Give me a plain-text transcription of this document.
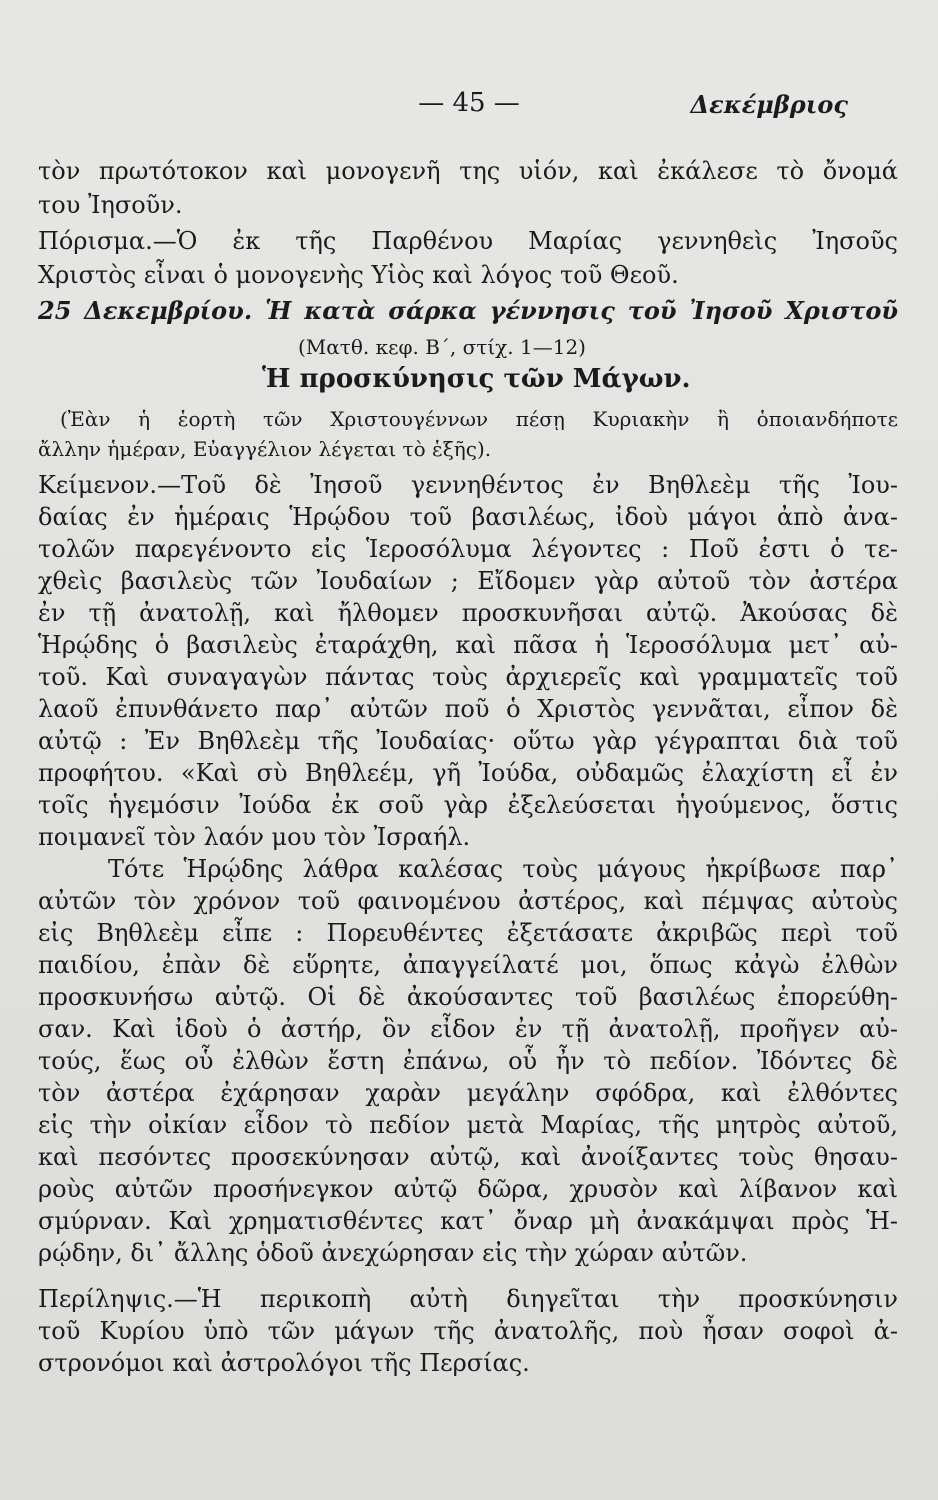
— 45 —	Δεκέμβριος
τὸν πρωτότοκον καὶ μονογενῆ της υἱόν, καὶ ἐκάλεσε τὸ ὄνομά
του Ἰησοῦν.
Πόρισμα.—Ὁ ἐκ τῆς Παρθένου Μαρίας γεννηθεὶς Ἰησοῦς
Χριστὸς εἶναι ὁ μονογενὴς Υἱὸς καὶ λόγος τοῦ Θεοῦ.
25 Δεκεμβρίου. Ἡ κατὰ σάρκα γέννησις τοῦ Ἰησοῦ Χριστοῦ
(Ματθ. κεφ. Β΄, στίχ. 1—12)
Ἡ προσκύνησις τῶν Μάγων.
(Ἐὰν ἡ ἑορτὴ τῶν Χριστουγέννων πέσῃ Κυριακὴν ἢ ὁποιανδήποτε
ἄλλην ἡμέραν, Εὐαγγέλιον λέγεται τὸ ἑξῆς).
Κείμενον.—Τοῦ δὲ Ἰησοῦ γεννηθέντος ἐν Βηθλεὲμ τῆς Ἰου-
δαίας ἐν ἡμέραις Ἡρῴδου τοῦ βασιλέως, ἰδοὺ μάγοι ἀπὸ ἀνα-
τολῶν παρεγένοντο εἰς Ἱεροσόλυμα λέγοντες : Ποῦ ἐστι ὁ τε-
χθεὶς βασιλεὺς τῶν Ἰουδαίων ; Εἴδομεν γὰρ αὐτοῦ τὸν ἀστέρα
ἐν τῇ ἀνατολῇ, καὶ ἤλθομεν προσκυνῆσαι αὐτῷ. Ἀκούσας δὲ
Ἡρῴδης ὁ βασιλεὺς ἐταράχθη, καὶ πᾶσα ἡ Ἱεροσόλυμα μετ᾽ αὐ-
τοῦ. Καὶ συναγαγὼν πάντας τοὺς ἀρχιερεῖς καὶ γραμματεῖς τοῦ
λαοῦ ἐπυνθάνετο παρ᾽ αὐτῶν ποῦ ὁ Χριστὸς γεννᾶται, εἶπον δὲ
αὐτῷ : Ἐν Βηθλεὲμ τῆς Ἰουδαίας· οὕτω γὰρ γέγραπται διὰ τοῦ
προφήτου. «Καὶ σὺ Βηθλεέμ, γῆ Ἰούδα, οὐδαμῶς ἐλαχίστη εἶ ἐν
τοῖς ἡγεμόσιν Ἰούδα ἐκ σοῦ γὰρ ἐξελεύσεται ἡγούμενος, ὅστις
ποιμανεῖ τὸν λαόν μου τὸν Ἰσραήλ.
Τότε Ἡρῴδης λάθρα καλέσας τοὺς μάγους ἠκρίβωσε παρ᾽
αὐτῶν τὸν χρόνον τοῦ φαινομένου ἀστέρος, καὶ πέμψας αὐτοὺς
εἰς Βηθλεὲμ εἶπε : Πορευθέντες ἐξετάσατε ἀκριβῶς περὶ τοῦ
παιδίου, ἐπὰν δὲ εὕρητε, ἀπαγγείλατέ μοι, ὅπως κἀγὼ ἐλθὼν
προσκυνήσω αὐτῷ. Οἱ δὲ ἀκούσαντες τοῦ βασιλέως ἐπορεύθη-
σαν. Καὶ ἰδοὺ ὁ ἀστήρ, ὃν εἶδον ἐν τῇ ἀνατολῇ, προῆγεν αὐ-
τούς, ἕως οὗ ἐλθὼν ἔστη ἐπάνω, οὗ ἦν τὸ πεδίον. Ἰδόντες δὲ
τὸν ἀστέρα ἐχάρησαν χαρὰν μεγάλην σφόδρα, καὶ ἐλθόντες
εἰς τὴν οἰκίαν εἶδον τὸ πεδίον μετὰ Μαρίας, τῆς μητρὸς αὐτοῦ,
καὶ πεσόντες προσεκύνησαν αὐτῷ, καὶ ἀνοίξαντες τοὺς θησαυ-
ροὺς αὐτῶν προσήνεγκον αὐτῷ δῶρα, χρυσὸν καὶ λίβανον καὶ
σμύρναν. Καὶ χρηματισθέντες κατ᾽ ὄναρ μὴ ἀνακάμψαι πρὸς Ἡ-
ρῴδην, δι᾽ ἄλλης ὁδοῦ ἀνεχώρησαν εἰς τὴν χώραν αὐτῶν.
Περίληψις.—Ἡ περικοπὴ αὐτὴ διηγεῖται τὴν προσκύνησιν
τοῦ Κυρίου ὑπὸ τῶν μάγων τῆς ἀνατολῆς, ποὺ ἦσαν σοφοὶ ἀ-
στρονόμοι καὶ ἀστρολόγοι τῆς Περσίας.
